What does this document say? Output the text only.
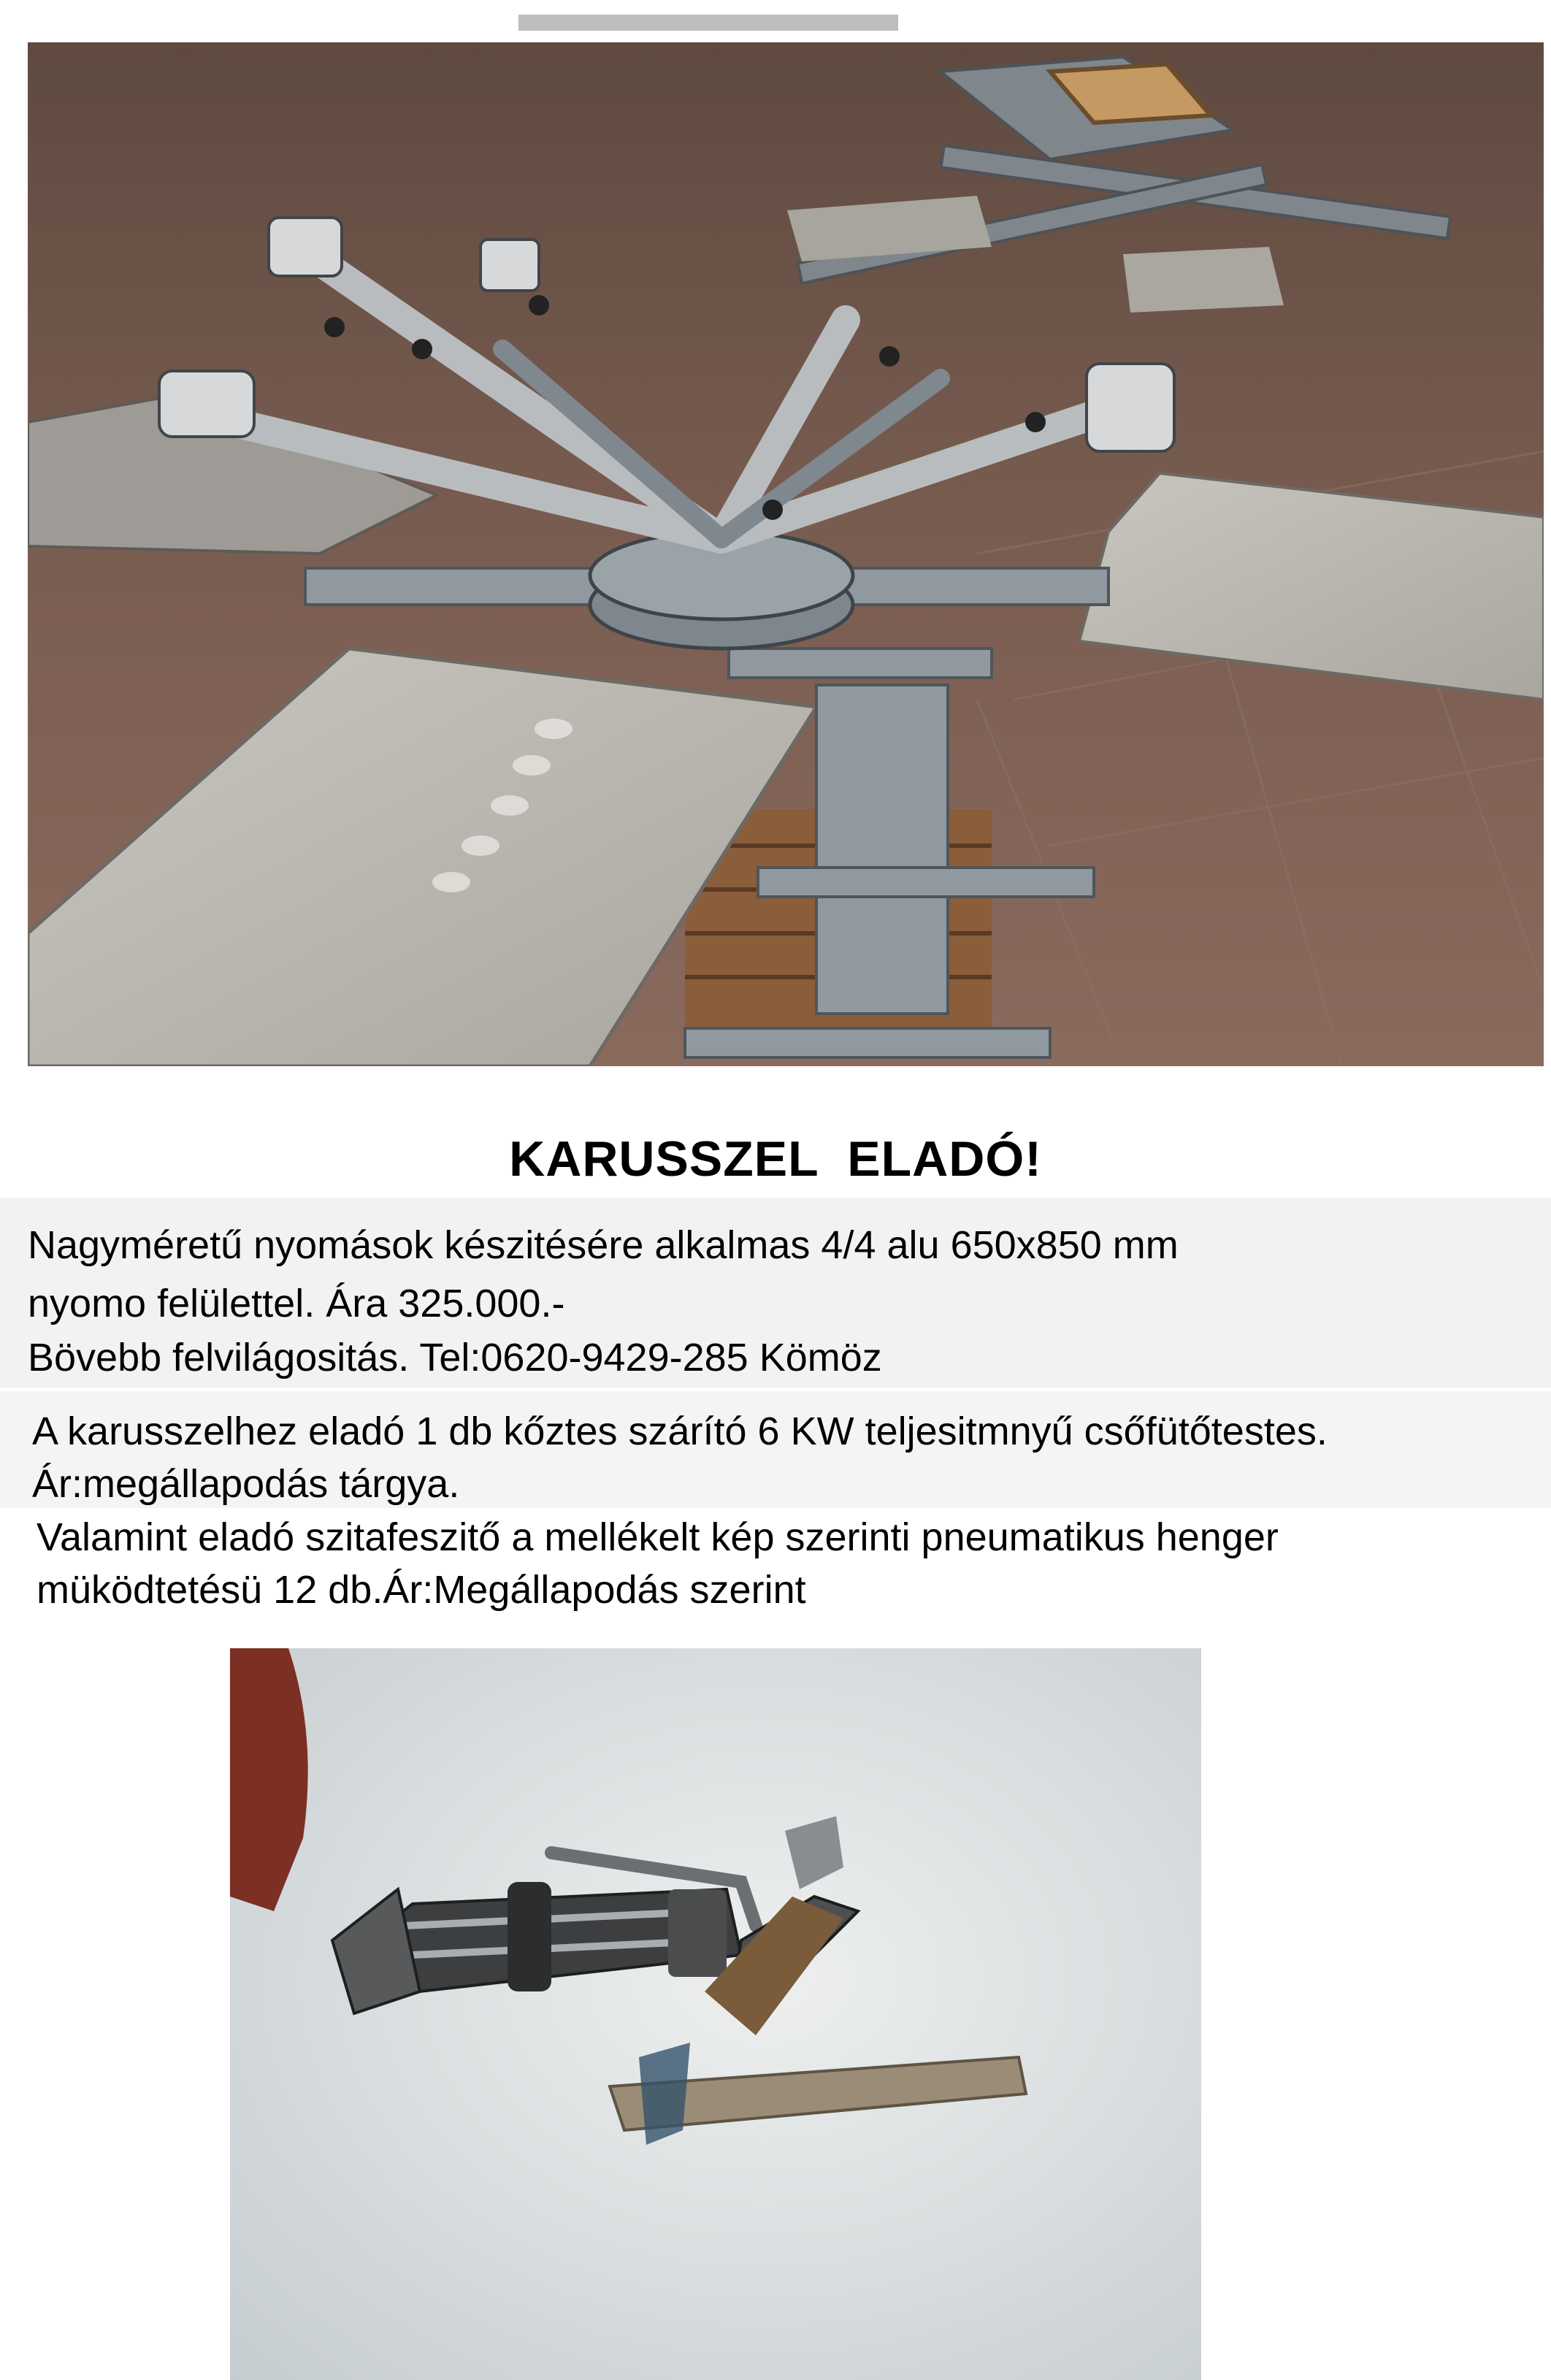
KARUSSZEL  ELADÓ!
Nagyméretű nyomások készitésére alkalmas 4/4 alu 650x850 mm
nyomo felülettel. Ára 325.000.-
Bövebb felvilágositás. Tel:0620-9429-285 Kömöz
A karusszelhez eladó 1 db kőztes szárító 6 KW teljesitmnyű csőfütőtestes.
Ár:megállapodás tárgya.
Valamint eladó szitafeszitő a mellékelt kép szerinti pneumatikus henger
müködtetésü 12 db.Ár:Megállapodás szerint
